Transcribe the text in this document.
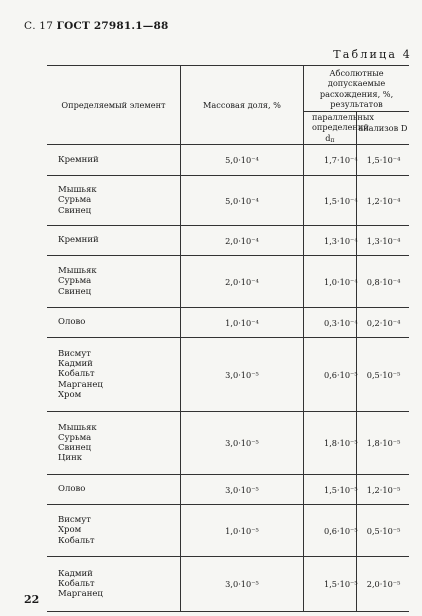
С. 17 ГОСТ 27981.1—88
Таблица 4
Определяемый элемент	Массовая доля, %	Абсолютные допускаемые расхождения, %, результатов	
		параллельных определений dп	анализов D

Кремний	5,0·10⁻⁴	1,7·10⁻⁴	1,5·10⁻⁴

Мышьяк
Сурьма
Свинец	5,0·10⁻⁴	1,5·10⁻⁴	1,2·10⁻⁴

Кремний	2,0·10⁻⁴	1,3·10⁻⁴	1,3·10⁻⁴

Мышьяк
Сурьма
Свинец	2,0·10⁻⁴	1,0·10⁻⁴	0,8·10⁻⁴

Олово	1,0·10⁻⁴	0,3·10⁻⁴	0,2·10⁻⁴

Висмут
Кадмий
Кобальт
Марганец
Хром	3,0·10⁻⁵	0,6·10⁻⁵	0,5·10⁻⁵

Мышьяк
Сурьма
Свинец
Цинк	3,0·10⁻⁵	1,8·10⁻⁵	1,8·10⁻⁵

Олово	3,0·10⁻⁵	1,5·10⁻⁵	1,2·10⁻⁵

Висмут
Хром
Кобальт	1,0·10⁻⁵	0,6·10⁻⁵	0,5·10⁻⁵

Кадмий
Кобальт
Марганец	3,0·10⁻⁵	1,5·10⁻⁵	2,0·10⁻⁵
22
